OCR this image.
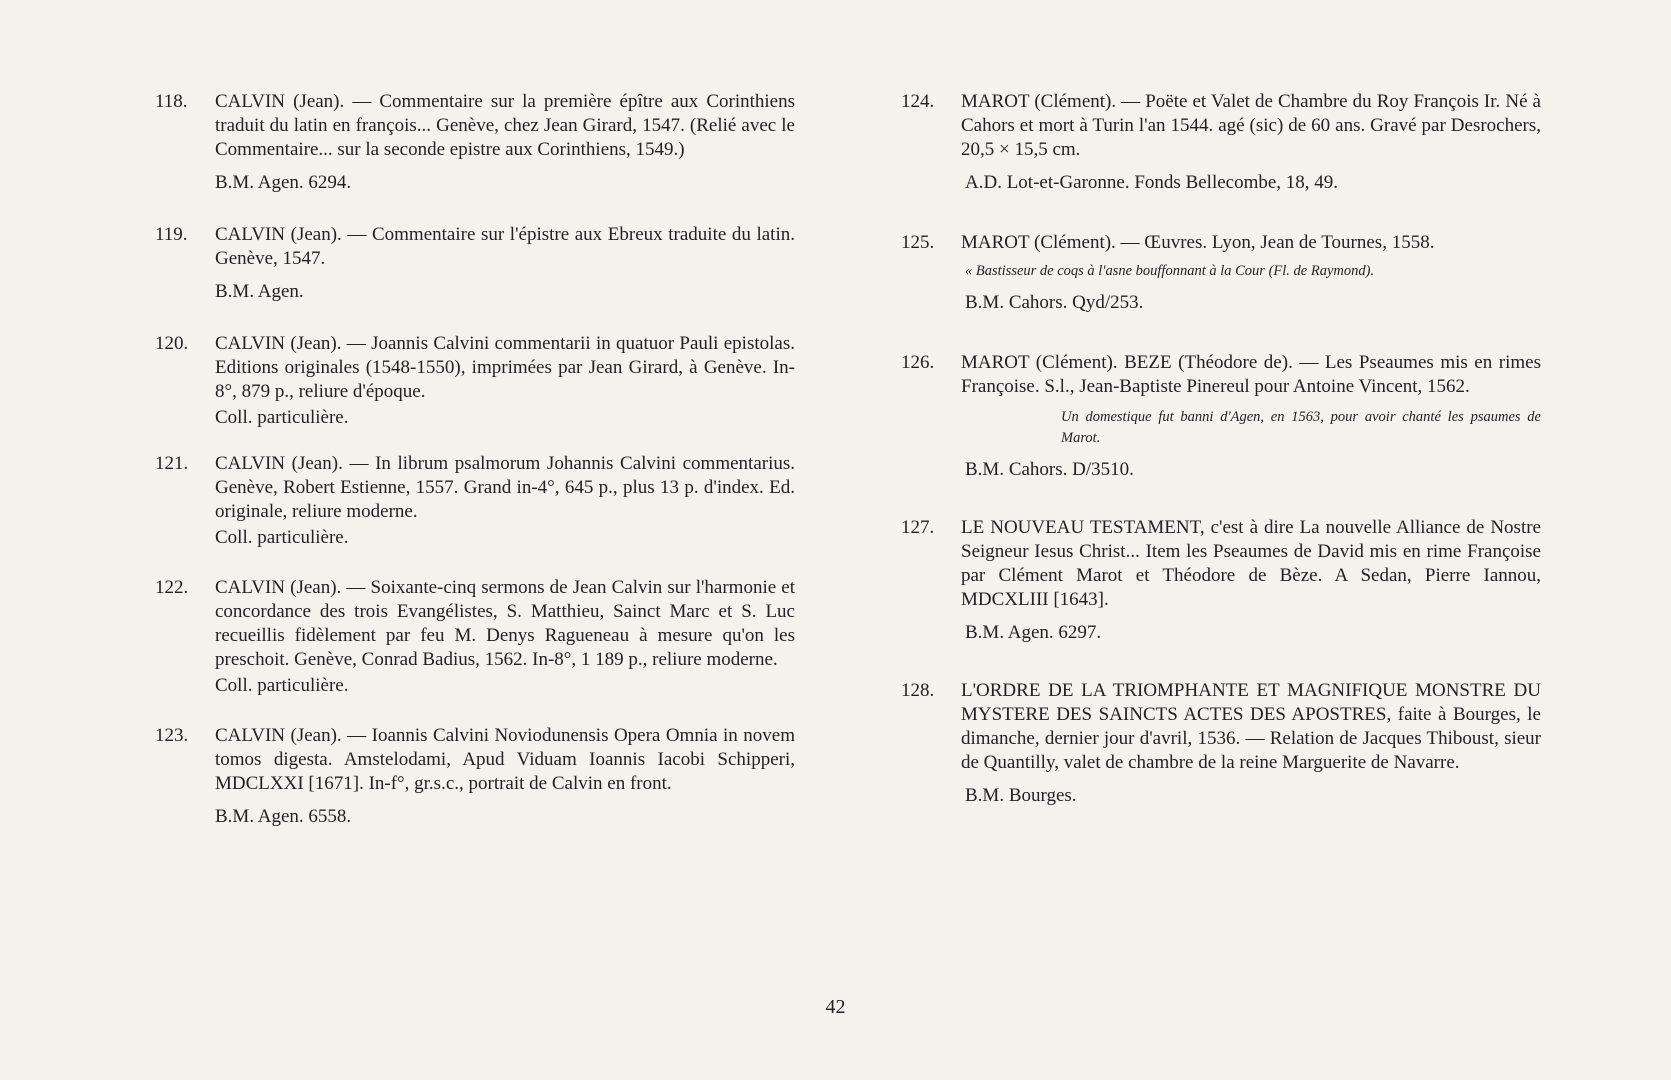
118.	CALVIN (Jean). — Commentaire sur la première épître aux Corinthiens traduit du latin en françois... Genève, chez Jean Girard, 1547. (Relié avec le Commentaire... sur la seconde epistre aux Corinthiens, 1549.)

B.M. Agen. 6294.

119.	CALVIN (Jean). — Commentaire sur l'épistre aux Ebreux traduite du latin. Genève, 1547.

B.M. Agen.

120.	CALVIN (Jean). — Joannis Calvini commentarii in quatuor Pauli epistolas. Editions originales (1548-1550), imprimées par Jean Girard, à Genève. In-8°, 879 p., reliure d'époque.

Coll. particulière.

121.	CALVIN (Jean). — In librum psalmorum Johannis Calvini commentarius. Genève, Robert Estienne, 1557. Grand in-4°, 645 p., plus 13 p. d'index. Ed. originale, reliure moderne.

Coll. particulière.

122.	CALVIN (Jean). — Soixante-cinq sermons de Jean Calvin sur l'harmonie et concordance des trois Evangélistes, S. Matthieu, Sainct Marc et S. Luc recueillis fidèlement par feu M. Denys Ragueneau à mesure qu'on les preschoit. Genève, Conrad Badius, 1562. In-8°, 1 189 p., reliure moderne.

Coll. particulière.

123.	CALVIN (Jean). — Ioannis Calvini Noviodunensis Opera Omnia in novem tomos digesta. Amstelodami, Apud Viduam Ioannis Iacobi Schipperi, MDCLXXI [1671]. In-f°, gr.s.c., portrait de Calvin en front.

B.M. Agen. 6558.

124.	MAROT (Clément). — Poëte et Valet de Chambre du Roy François Ir. Né à Cahors et mort à Turin l'an 1544. agé (sic) de 60 ans. Gravé par Desrochers, 20,5 × 15,5 cm.

A.D. Lot-et-Garonne. Fonds Bellecombe, 18, 49.

125.	MAROT (Clément). — Œuvres. Lyon, Jean de Tournes, 1558.

« Bastisseur de coqs à l'asne bouffonnant à la Cour (Fl. de Raymond).

B.M. Cahors. Qyd/253.

126.	MAROT (Clément). BEZE (Théodore de). — Les Pseaumes mis en rimes Françoise. S.l., Jean-Baptiste Pinereul pour Antoine Vincent, 1562.

Un domestique fut banni d'Agen, en 1563, pour avoir chanté les psaumes de Marot.

B.M. Cahors. D/3510.

127.	LE NOUVEAU TESTAMENT, c'est à dire La nouvelle Alliance de Nostre Seigneur Iesus Christ... Item les Pseaumes de David mis en rime Françoise par Clément Marot et Théodore de Bèze. A Sedan, Pierre Iannou, MDCXLIII [1643].

B.M. Agen. 6297.

128.	L'ORDRE DE LA TRIOMPHANTE ET MAGNIFIQUE MONSTRE DU MYSTERE DES SAINCTS ACTES DES APOSTRES, faite à Bourges, le dimanche, dernier jour d'avril, 1536. — Relation de Jacques Thiboust, sieur de Quantilly, valet de chambre de la reine Marguerite de Navarre.

B.M. Bourges.

42
